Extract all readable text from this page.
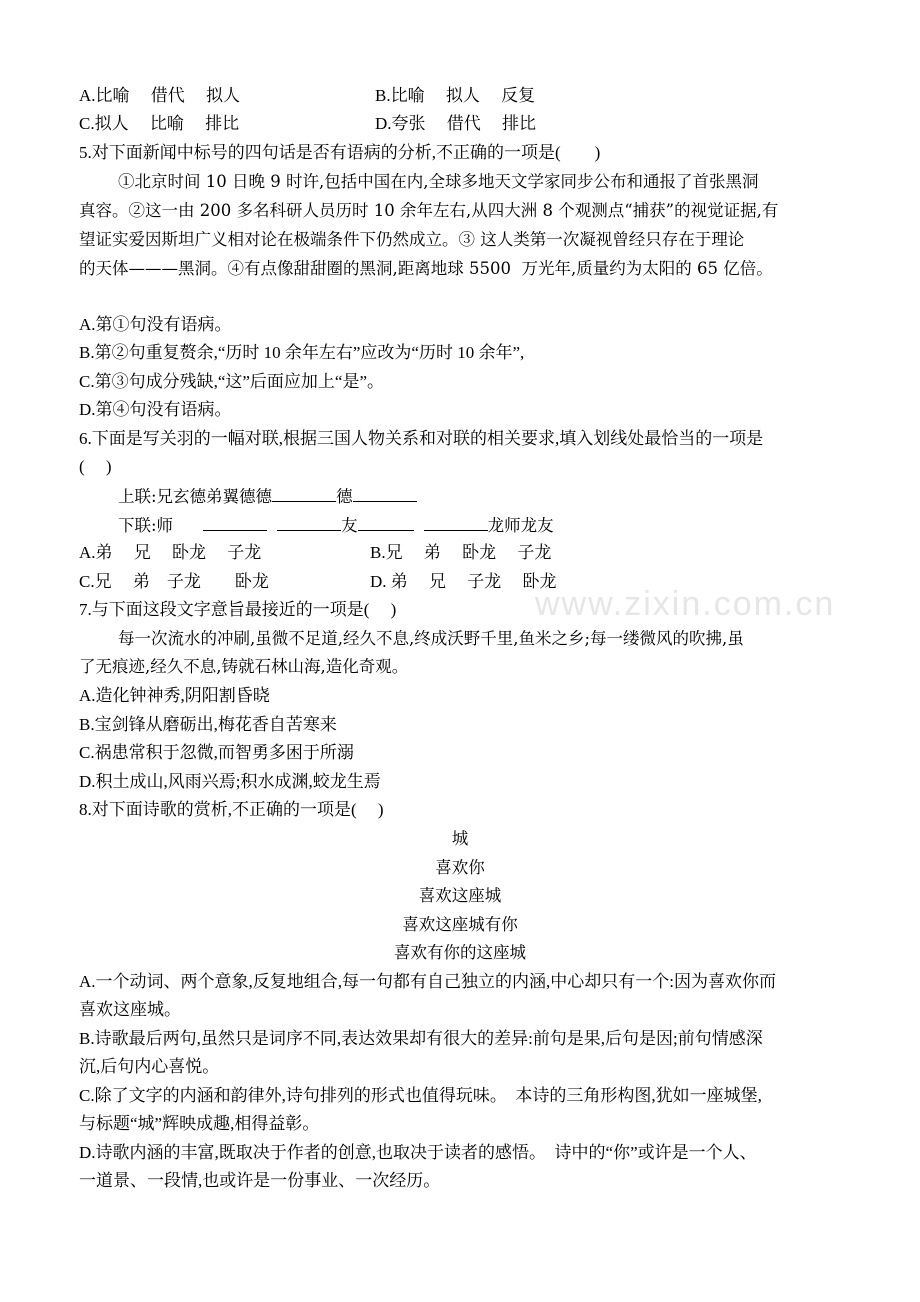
www.zixin.com.cn
A.比喻　 借代　 拟人	B.比喻　 拟人　 反复
C.拟人　 比喻　 排比	D.夸张　 借代　 排比
5.对下面新闻中标号的四句话是否有语病的分析,不正确的一项是(　　)
①北京时间 10 日晚 9 时许,包括中国在内,全球多地天文学家同步公布和通报了首张黑洞
真容。②这一由 200 多名科研人员历时 10 余年左右,从四大洲 8 个观测点“捕获”的视觉证据,有
望证实爱因斯坦广义相对论在极端条件下仍然成立。③ 这人类第一次凝视曾经只存在于理论
的天体———黑洞。④有点像甜甜圈的黑洞,距离地球 5500  万光年,质量约为太阳的 65 亿倍。
A.第①句没有语病。
B.第②句重复赘余,“历时 10 余年左右”应改为“历时 10 余年”,
C.第③句成分残缺,“这”后面应加上“是”。
D.第④句没有语病。
6.下面是写关羽的一幅对联,根据三国人物关系和对联的相关要求,填入划线处最恰当的一项是
(　 )
上联:兄玄德弟翼德德	德
下联:师	友	龙师龙友
A.弟　 兄　 卧龙　 子龙	B.兄　 弟　 卧龙　 子龙
C.兄　 弟　子龙　　卧龙	D. 弟　 兄　 子龙　 卧龙
7.与下面这段文字意旨最接近的一项是(　 )
每一次流水的冲刷,虽微不足道,经久不息,终成沃野千里,鱼米之乡;每一缕微风的吹拂,虽
了无痕迹,经久不息,铸就石林山海,造化奇观。
A.造化钟神秀,阴阳割昏晓
B.宝剑锋从磨砺出,梅花香自苦寒来
C.祸患常积于忽微,而智勇多困于所溺
D.积土成山,风雨兴焉;积水成渊,蛟龙生焉
8.对下面诗歌的赏析,不正确的一项是(　 )
城
喜欢你
喜欢这座城
喜欢这座城有你
喜欢有你的这座城
A.一个动词、两个意象,反复地组合,每一句都有自己独立的内涵,中心却只有一个:因为喜欢你而
喜欢这座城。
B.诗歌最后两句,虽然只是词序不同,表达效果却有很大的差异:前句是果,后句是因;前句情感深
沉,后句内心喜悦。
C.除了文字的内涵和韵律外,诗句排列的形式也值得玩味。  本诗的三角形构图,犹如一座城堡,
与标题“城”辉映成趣,相得益彰。
D.诗歌内涵的丰富,既取决于作者的创意,也取决于读者的感悟。  诗中的“你”或许是一个人、
一道景、一段情,也或许是一份事业、一次经历。
